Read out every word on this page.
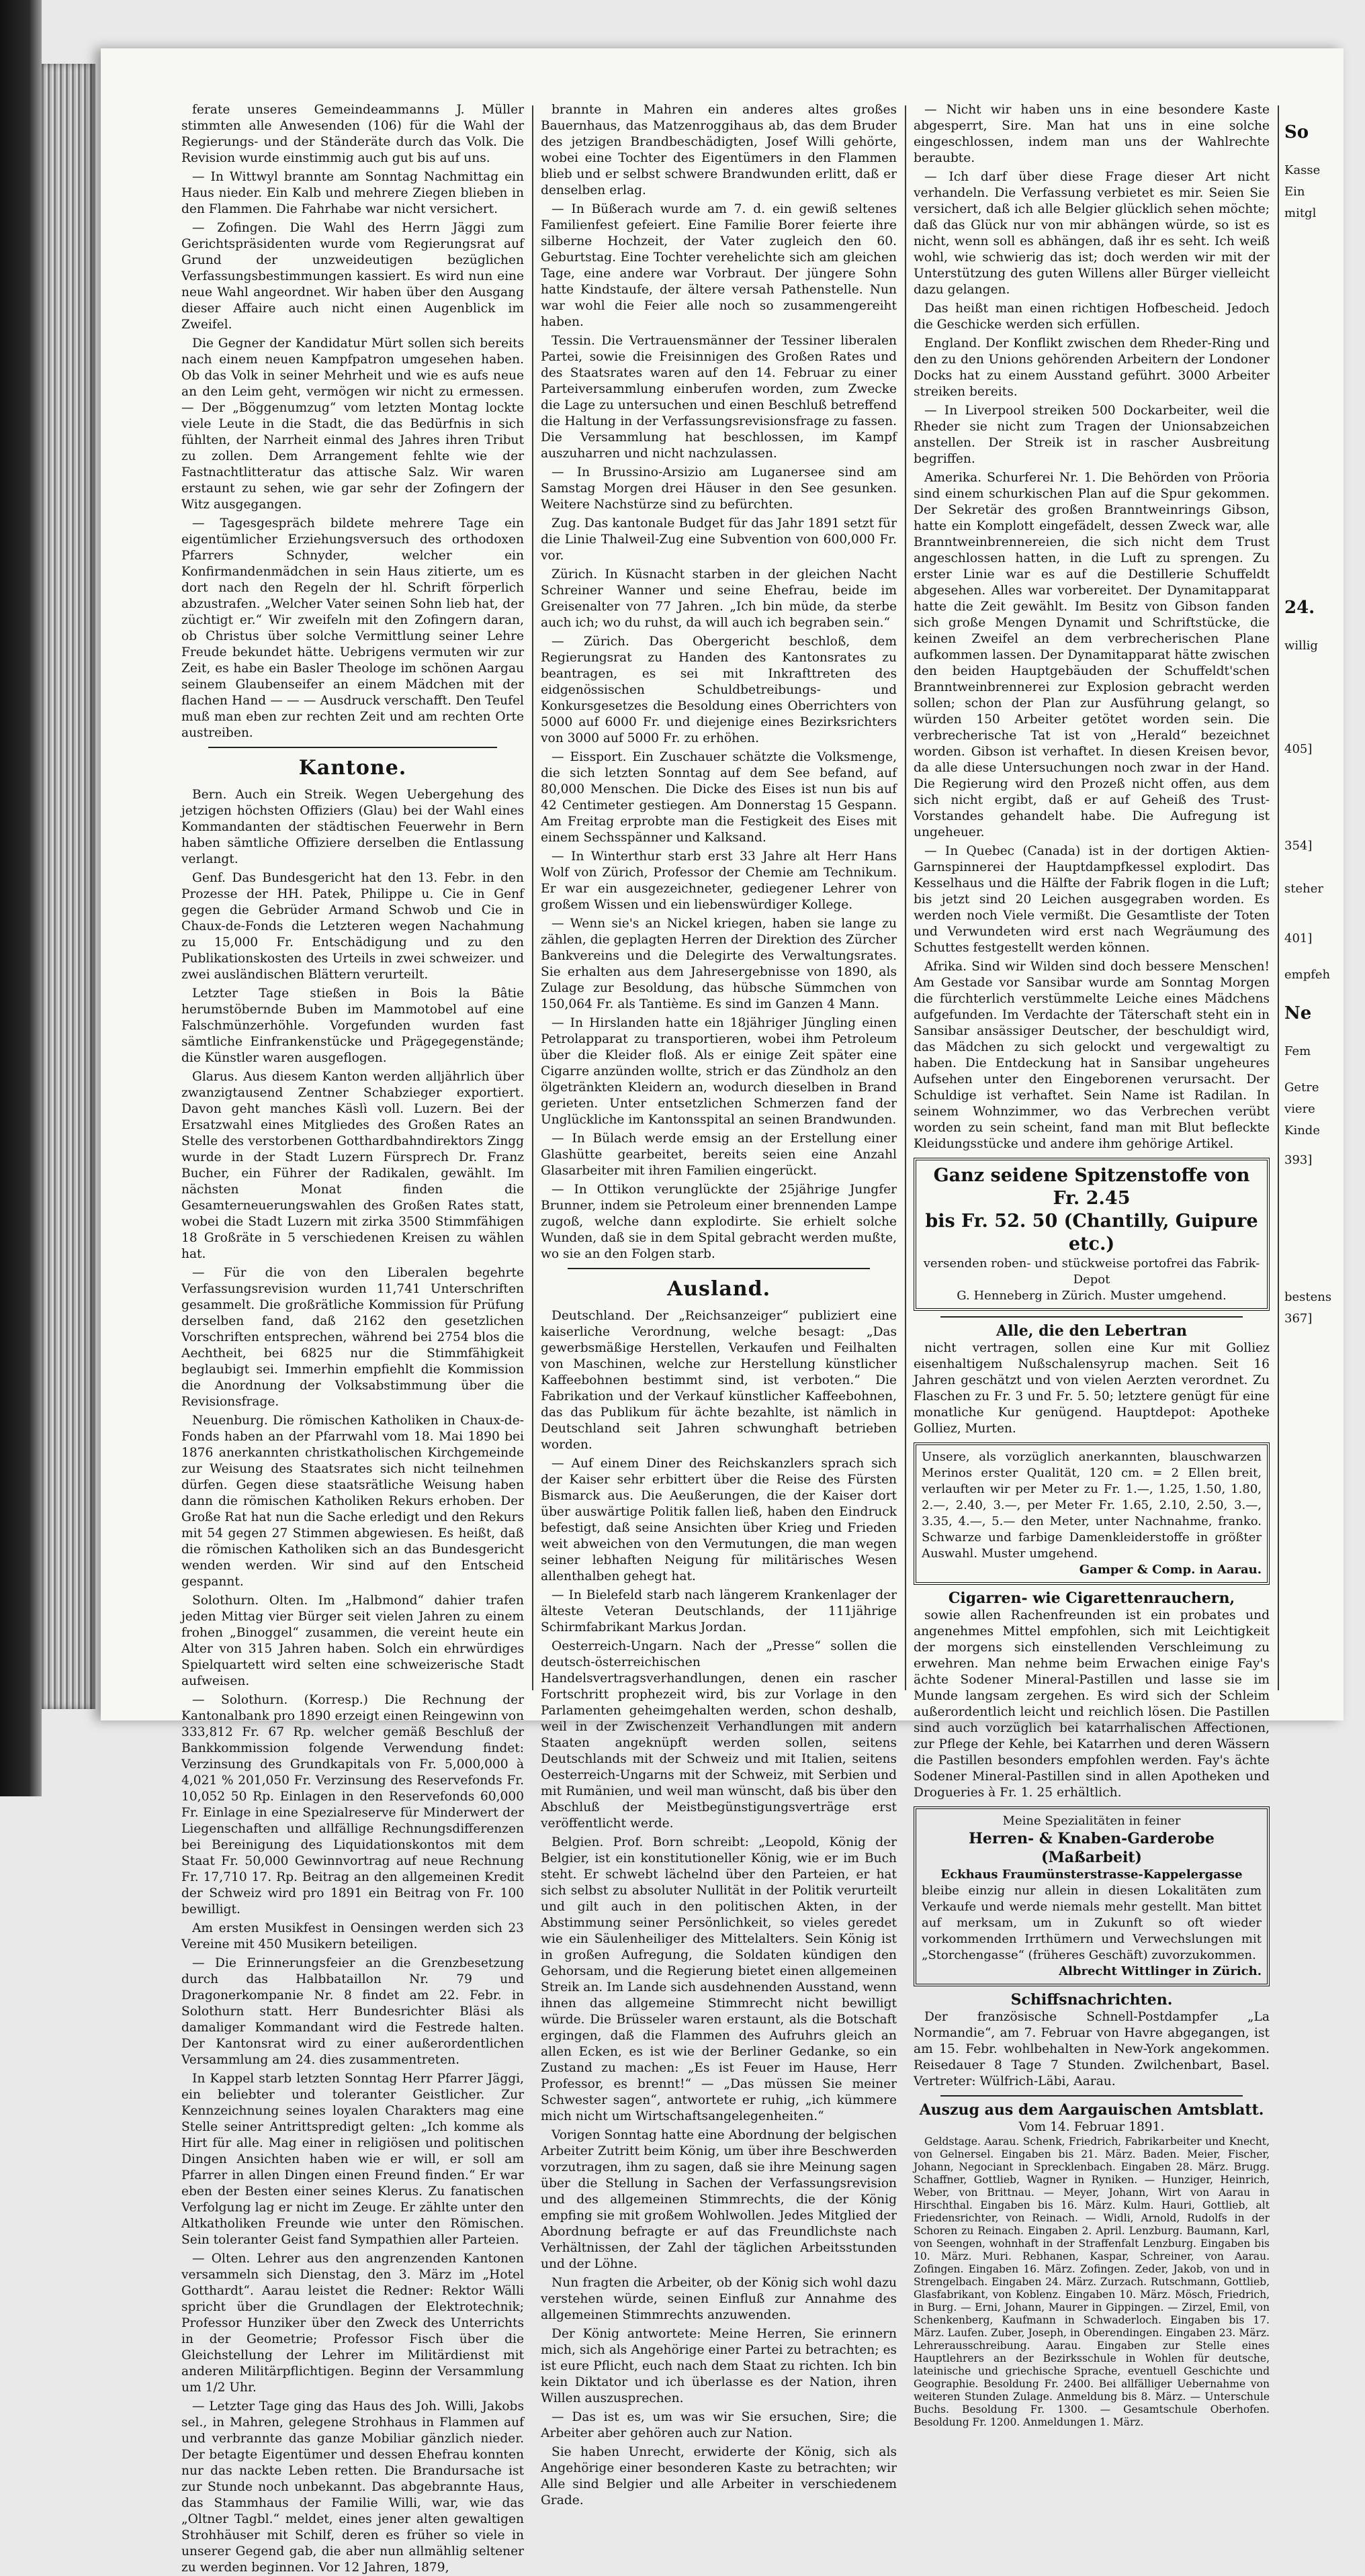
ferate unseres Gemeindeammanns J. Müller stimmten alle Anwesenden (106) für die Wahl der Regierungs- und der Ständeräte durch das Volk. Die Revision wurde einstimmig auch gut bis auf uns.

— In Wittwyl brannte am Sonntag Nachmittag ein Haus nieder. Ein Kalb und mehrere Ziegen blieben in den Flammen. Die Fahrhabe war nicht versichert.

— Zofingen. Die Wahl des Herrn Jäggi zum Gerichtspräsidenten wurde vom Regierungsrat auf Grund der unzweideutigen bezüglichen Verfassungsbestimmungen kassiert. Es wird nun eine neue Wahl angeordnet. Wir haben über den Ausgang dieser Affaire auch nicht einen Augenblick im Zweifel.

Die Gegner der Kandidatur Mürt sollen sich bereits nach einem neuen Kampfpatron umgesehen haben. Ob das Volk in seiner Mehrheit und wie es aufs neue an den Leim geht, vermögen wir nicht zu ermessen. — Der „Böggenumzug“ vom letzten Montag lockte viele Leute in die Stadt, die das Bedürfnis in sich fühlten, der Narrheit einmal des Jahres ihren Tribut zu zollen. Dem Arrangement fehlte wie der Fastnachtlitteratur das attische Salz. Wir waren erstaunt zu sehen, wie gar sehr der Zofingern der Witz ausgegangen.

— Tagesgespräch bildete mehrere Tage ein eigentümlicher Erziehungsversuch des orthodoxen Pfarrers Schnyder, welcher ein Konfirmandenmädchen in sein Haus zitierte, um es dort nach den Regeln der hl. Schrift förperlich abzustrafen. „Welcher Vater seinen Sohn lieb hat, der züchtigt er.“ Wir zweifeln mit den Zofingern daran, ob Christus über solche Vermittlung seiner Lehre Freude bekundet hätte. Uebrigens vermuten wir zur Zeit, es habe ein Basler Theologe im schönen Aargau seinem Glaubenseifer an einem Mädchen mit der flachen Hand — — — Ausdruck verschafft. Den Teufel muß man eben zur rechten Zeit und am rechten Orte austreiben.

Kantone.

Bern. Auch ein Streik. Wegen Uebergehung des jetzigen höchsten Offiziers (Glau) bei der Wahl eines Kommandanten der städtischen Feuerwehr in Bern haben sämtliche Offiziere derselben die Entlassung verlangt.

Genf. Das Bundesgericht hat den 13. Febr. in den Prozesse der HH. Patek, Philippe u. Cie in Genf gegen die Gebrüder Armand Schwob und Cie in Chaux-de-Fonds die Letzteren wegen Nachahmung zu 15,000 Fr. Entschädigung und zu den Publikationskosten des Urteils in zwei schweizer. und zwei ausländischen Blättern verurteilt.

Letzter Tage stießen in Bois la Bâtie herumstöbernde Buben im Mammotobel auf eine Falschmünzerhöhle. Vorgefunden wurden fast sämtliche Einfrankenstücke und Prägegegenstände; die Künstler waren ausgeflogen.

Glarus. Aus diesem Kanton werden alljährlich über zwanzigtausend Zentner Schabzieger exportiert. Davon geht manches Käslì voll. Luzern. Bei der Ersatzwahl eines Mitgliedes des Großen Rates an Stelle des verstorbenen Gotthardbahndirektors Zingg wurde in der Stadt Luzern Fürsprech Dr. Franz Bucher, ein Führer der Radikalen, gewählt. Im nächsten Monat finden die Gesamterneuerungswahlen des Großen Rates statt, wobei die Stadt Luzern mit zirka 3500 Stimmfähigen 18 Großräte in 5 verschiedenen Kreisen zu wählen hat.

— Für die von den Liberalen begehrte Verfassungsrevision wurden 11,741 Unterschriften gesammelt. Die großrätliche Kommission für Prüfung derselben fand, daß 2162 den gesetzlichen Vorschriften entsprechen, während bei 2754 blos die Aechtheit, bei 6825 nur die Stimmfähigkeit beglaubigt sei. Immerhin empfiehlt die Kommission die Anordnung der Volksabstimmung über die Revisionsfrage.

Neuenburg. Die römischen Katholiken in Chaux-de-Fonds haben an der Pfarrwahl vom 18. Mai 1890 bei 1876 anerkannten christkatholischen Kirchgemeinde zur Weisung des Staatsrates sich nicht teilnehmen dürfen. Gegen diese staatsrätliche Weisung haben dann die römischen Katholiken Rekurs erhoben. Der Große Rat hat nun die Sache erledigt und den Rekurs mit 54 gegen 27 Stimmen abgewiesen. Es heißt, daß die römischen Katholiken sich an das Bundesgericht wenden werden. Wir sind auf den Entscheid gespannt.

Solothurn. Olten. Im „Halbmond“ dahier trafen jeden Mittag vier Bürger seit vielen Jahren zu einem frohen „Binoggel“ zusammen, die vereint heute ein Alter von 315 Jahren haben. Solch ein ehrwürdiges Spielquartett wird selten eine schweizerische Stadt aufweisen.

— Solothurn. (Korresp.) Die Rechnung der Kantonalbank pro 1890 erzeigt einen Reingewinn von 333,812 Fr. 67 Rp. welcher gemäß Beschluß der Bankkommission folgende Verwendung findet: Verzinsung des Grundkapitals von Fr. 5,000,000 à 4,021 % 201,050 Fr. Verzinsung des Reservefonds Fr. 10,052 50 Rp. Einlagen in den Reservefonds 60,000 Fr. Einlage in eine Spezialreserve für Minderwert der Liegenschaften und allfällige Rechnungsdifferenzen bei Bereinigung des Liquidationskontos mit dem Staat Fr. 50,000 Gewinnvortrag auf neue Rechnung Fr. 17,710 17. Rp. Beitrag an den allgemeinen Kredit der Schweiz wird pro 1891 ein Beitrag von Fr. 100 bewilligt.

Am ersten Musikfest in Oensingen werden sich 23 Vereine mit 450 Musikern beteiligen.

— Die Erinnerungsfeier an die Grenzbesetzung durch das Halbbataillon Nr. 79 und Dragonerkompanie Nr. 8 findet am 22. Febr. in Solothurn statt. Herr Bundesrichter Bläsi als damaliger Kommandant wird die Festrede halten. Der Kantonsrat wird zu einer außerordentlichen Versammlung am 24. dies zusammentreten.

In Kappel starb letzten Sonntag Herr Pfarrer Jäggi, ein beliebter und toleranter Geistlicher. Zur Kennzeichnung seines loyalen Charakters mag eine Stelle seiner Antrittspredigt gelten: „Ich komme als Hirt für alle. Mag einer in religiösen und politischen Dingen Ansichten haben wie er will, er soll am Pfarrer in allen Dingen einen Freund finden.“ Er war eben der Besten einer seines Klerus. Zu fanatischen Verfolgung lag er nicht im Zeuge. Er zählte unter den Altkatholiken Freunde wie unter den Römischen. Sein toleranter Geist fand Sympathien aller Parteien.

— Olten. Lehrer aus den angrenzenden Kantonen versammeln sich Dienstag, den 3. März im „Hotel Gotthardt“. Aarau leistet die Redner: Rektor Wälli spricht über die Grundlagen der Elektrotechnik; Professor Hunziker über den Zweck des Unterrichts in der Geometrie; Professor Fisch über die Gleichstellung der Lehrer im Militärdienst mit anderen Militärpflichtigen. Beginn der Versammlung um 1/2 Uhr.

— Letzter Tage ging das Haus des Joh. Willi, Jakobs sel., in Mahren, gelegene Strohhaus in Flammen auf und verbrannte das ganze Mobiliar gänzlich nieder. Der betagte Eigentümer und dessen Ehefrau konnten nur das nackte Leben retten. Die Brandursache ist zur Stunde noch unbekannt. Das abgebrannte Haus, das Stammhaus der Familie Willi, war, wie das „Oltner Tagbl.“ meldet, eines jener alten gewaltigen Strohhäuser mit Schilf, deren es früher so viele in unserer Gegend gab, die aber nun allmählig seltener zu werden beginnen. Vor 12 Jahren, 1879,

brannte in Mahren ein anderes altes großes Bauernhaus, das Matzenroggihaus ab, das dem Bruder des jetzigen Brandbeschädigten, Josef Willi gehörte, wobei eine Tochter des Eigentümers in den Flammen blieb und er selbst schwere Brandwunden erlitt, daß er denselben erlag.

— In Büßerach wurde am 7. d. ein gewiß seltenes Familienfest gefeiert. Eine Familie Borer feierte ihre silberne Hochzeit, der Vater zugleich den 60. Geburtstag. Eine Tochter verehelichte sich am gleichen Tage, eine andere war Vorbraut. Der jüngere Sohn hatte Kindstaufe, der ältere versah Pathenstelle. Nun war wohl die Feier alle noch so zusammengereiht haben.

Tessin. Die Vertrauensmänner der Tessiner liberalen Partei, sowie die Freisinnigen des Großen Rates und des Staatsrates waren auf den 14. Februar zu einer Parteiversammlung einberufen worden, zum Zwecke die Lage zu untersuchen und einen Beschluß betreffend die Haltung in der Verfassungsrevisionsfrage zu fassen. Die Versammlung hat beschlossen, im Kampf auszuharren und nicht nachzulassen.

— In Brussino-Arsizio am Luganersee sind am Samstag Morgen drei Häuser in den See gesunken. Weitere Nachstürze sind zu befürchten.

Zug. Das kantonale Budget für das Jahr 1891 setzt für die Linie Thalweil-Zug eine Subvention von 600,000 Fr. vor.

Zürich. In Küsnacht starben in der gleichen Nacht Schreiner Wanner und seine Ehefrau, beide im Greisenalter von 77 Jahren. „Ich bin müde, da sterbe auch ich; wo du ruhst, da will auch ich begraben sein.“

— Zürich. Das Obergericht beschloß, dem Regierungsrat zu Handen des Kantonsrates zu beantragen, es sei mit Inkrafttreten des eidgenössischen Schuldbetreibungs- und Konkursgesetzes die Besoldung eines Oberrichters von 5000 auf 6000 Fr. und diejenige eines Bezirksrichters von 3000 auf 5000 Fr. zu erhöhen.

— Eissport. Ein Zuschauer schätzte die Volksmenge, die sich letzten Sonntag auf dem See befand, auf 80,000 Menschen. Die Dicke des Eises ist nun bis auf 42 Centimeter gestiegen. Am Donnerstag 15 Gespann. Am Freitag erprobte man die Festigkeit des Eises mit einem Sechsspänner und Kalksand.

— In Winterthur starb erst 33 Jahre alt Herr Hans Wolf von Zürich, Professor der Chemie am Technikum. Er war ein ausgezeichneter, gediegener Lehrer von großem Wissen und ein liebenswürdiger Kollege.

— Wenn sie's an Nickel kriegen, haben sie lange zu zählen, die geplagten Herren der Direktion des Zürcher Bankvereins und die Delegirte des Verwaltungsrates. Sie erhalten aus dem Jahresergebnisse von 1890, als Zulage zur Besoldung, das hübsche Sümmchen von 150,064 Fr. als Tantième. Es sind im Ganzen 4 Mann.

— In Hirslanden hatte ein 18jähriger Jüngling einen Petrolapparat zu transportieren, wobei ihm Petroleum über die Kleider floß. Als er einige Zeit später eine Cigarre anzünden wollte, strich er das Zündholz an den ölgetränkten Kleidern an, wodurch dieselben in Brand gerieten. Unter entsetzlichen Schmerzen fand der Unglückliche im Kantonsspital an seinen Brandwunden.

— In Bülach werde emsig an der Erstellung einer Glashütte gearbeitet, bereits seien eine Anzahl Glasarbeiter mit ihren Familien eingerückt.

— In Ottikon verunglückte der 25jährige Jungfer Brunner, indem sie Petroleum einer brennenden Lampe zugoß, welche dann explodirte. Sie erhielt solche Wunden, daß sie in dem Spital gebracht werden mußte, wo sie an den Folgen starb.

Ausland.

Deutschland. Der „Reichsanzeiger“ publiziert eine kaiserliche Verordnung, welche besagt: „Das gewerbsmäßige Herstellen, Verkaufen und Feilhalten von Maschinen, welche zur Herstellung künstlicher Kaffeebohnen bestimmt sind, ist verboten.“ Die Fabrikation und der Verkauf künstlicher Kaffeebohnen, das das Publikum für ächte bezahlte, ist nämlich in Deutschland seit Jahren schwunghaft betrieben worden.

— Auf einem Diner des Reichskanzlers sprach sich der Kaiser sehr erbittert über die Reise des Fürsten Bismarck aus. Die Aeußerungen, die der Kaiser dort über auswärtige Politik fallen ließ, haben den Eindruck befestigt, daß seine Ansichten über Krieg und Frieden weit abweichen von den Vermutungen, die man wegen seiner lebhaften Neigung für militärisches Wesen allenthalben gehegt hat.

— In Bielefeld starb nach längerem Krankenlager der älteste Veteran Deutschlands, der 111jährige Schirmfabrikant Markus Jordan.

Oesterreich-Ungarn. Nach der „Presse“ sollen die deutsch-österreichischen Handelsvertragsverhandlungen, denen ein rascher Fortschritt prophezeit wird, bis zur Vorlage in den Parlamenten geheimgehalten werden, schon deshalb, weil in der Zwischenzeit Verhandlungen mit andern Staaten angeknüpft werden sollen, seitens Deutschlands mit der Schweiz und mit Italien, seitens Oesterreich-Ungarns mit der Schweiz, mit Serbien und mit Rumänien, und weil man wünscht, daß bis über den Abschluß der Meistbegünstigungsverträge erst veröffentlicht werde.

Belgien. Prof. Born schreibt: „Leopold, König der Belgier, ist ein konstitutioneller König, wie er im Buch steht. Er schwebt lächelnd über den Parteien, er hat sich selbst zu absoluter Nullität in der Politik verurteilt und gilt auch in den politischen Akten, in der Abstimmung seiner Persönlichkeit, so vieles geredet wie ein Säulenheiliger des Mittelalters. Sein König ist in großen Aufregung, die Soldaten kündigen den Gehorsam, und die Regierung bietet einen allgemeinen Streik an. Im Lande sich ausdehnenden Ausstand, wenn ihnen das allgemeine Stimmrecht nicht bewilligt würde. Die Brüsseler waren erstaunt, als die Botschaft ergingen, daß die Flammen des Aufruhrs gleich an allen Ecken, es ist wie der Berliner Gedanke, so ein Zustand zu machen: „Es ist Feuer im Hause, Herr Professor, es brennt!“ — „Das müssen Sie meiner Schwester sagen“, antwortete er ruhig, „ich kümmere mich nicht um Wirtschaftsangelegenheiten.“

Vorigen Sonntag hatte eine Abordnung der belgischen Arbeiter Zutritt beim König, um über ihre Beschwerden vorzutragen, ihm zu sagen, daß sie ihre Meinung sagen über die Stellung in Sachen der Verfassungsrevision und des allgemeinen Stimmrechts, die der König empfing sie mit großem Wohlwollen. Jedes Mitglied der Abordnung befragte er auf das Freundlichste nach Verhältnissen, der Zahl der täglichen Arbeitsstunden und der Löhne.

Nun fragten die Arbeiter, ob der König sich wohl dazu verstehen würde, seinen Einfluß zur Annahme des allgemeinen Stimmrechts anzuwenden.

Der König antwortete: Meine Herren, Sie erinnern mich, sich als Angehörige einer Partei zu betrachten; es ist eure Pflicht, euch nach dem Staat zu richten. Ich bin kein Diktator und ich überlasse es der Nation, ihren Willen auszusprechen.

— Das ist es, um was wir Sie ersuchen, Sire; die Arbeiter aber gehören auch zur Nation.

Sie haben Unrecht, erwiderte der König, sich als Angehörige einer besonderen Kaste zu betrachten; wir Alle sind Belgier und alle Arbeiter in verschiedenem Grade.

— Nicht wir haben uns in eine besondere Kaste abgesperrt, Sire. Man hat uns in eine solche eingeschlossen, indem man uns der Wahlrechte beraubte.

— Ich darf über diese Frage dieser Art nicht verhandeln. Die Verfassung verbietet es mir. Seien Sie versichert, daß ich alle Belgier glücklich sehen möchte; daß das Glück nur von mir abhängen würde, so ist es nicht, wenn soll es abhängen, daß ihr es seht. Ich weiß wohl, wie schwierig das ist; doch werden wir mit der Unterstützung des guten Willens aller Bürger vielleicht dazu gelangen.

Das heißt man einen richtigen Hofbescheid. Jedoch die Geschicke werden sich erfüllen.

England. Der Konflikt zwischen dem Rheder-Ring und den zu den Unions gehörenden Arbeitern der Londoner Docks hat zu einem Ausstand geführt. 3000 Arbeiter streiken bereits.

— In Liverpool streiken 500 Dockarbeiter, weil die Rheder sie nicht zum Tragen der Unionsabzeichen anstellen. Der Streik ist in rascher Ausbreitung begriffen.

Amerika. Schurferei Nr. 1. Die Behörden von Pröoria sind einem schurkischen Plan auf die Spur gekommen. Der Sekretär des großen Branntweinrings Gibson, hatte ein Komplott eingefädelt, dessen Zweck war, alle Branntweinbrennereien, die sich nicht dem Trust angeschlossen hatten, in die Luft zu sprengen. Zu erster Linie war es auf die Destillerie Schuffeldt abgesehen. Alles war vorbereitet. Der Dynamitapparat hatte die Zeit gewählt. Im Besitz von Gibson fanden sich große Mengen Dynamit und Schriftstücke, die keinen Zweifel an dem verbrecherischen Plane aufkommen lassen. Der Dynamitapparat hätte zwischen den beiden Hauptgebäuden der Schuffeldt'schen Branntweinbrennerei zur Explosion gebracht werden sollen; schon der Plan zur Ausführung gelangt, so würden 150 Arbeiter getötet worden sein. Die verbrecherische Tat ist von „Herald“ bezeichnet worden. Gibson ist verhaftet. In diesen Kreisen bevor, da alle diese Untersuchungen noch zwar in der Hand. Die Regierung wird den Prozeß nicht offen, aus dem sich nicht ergibt, daß er auf Geheiß des Trust-Vorstandes gehandelt habe. Die Aufregung ist ungeheuer.

— In Quebec (Canada) ist in der dortigen Aktien-Garnspinnerei der Hauptdampfkessel explodirt. Das Kesselhaus und die Hälfte der Fabrik flogen in die Luft; bis jetzt sind 20 Leichen ausgegraben worden. Es werden noch Viele vermißt. Die Gesamtliste der Toten und Verwundeten wird erst nach Wegräumung des Schuttes festgestellt werden können.

Afrika. Sind wir Wilden sind doch bessere Menschen! Am Gestade vor Sansibar wurde am Sonntag Morgen die fürchterlich verstümmelte Leiche eines Mädchens aufgefunden. Im Verdachte der Täterschaft steht ein in Sansibar ansässiger Deutscher, der beschuldigt wird, das Mädchen zu sich gelockt und vergewaltigt zu haben. Die Entdeckung hat in Sansibar ungeheures Aufsehen unter den Eingeborenen verursacht. Der Schuldige ist verhaftet. Sein Name ist Radilan. In seinem Wohnzimmer, wo das Verbrechen verübt worden zu sein scheint, fand man mit Blut befleckte Kleidungsstücke und andere ihm gehörige Artikel.

Ganz seidene Spitzenstoffe von Fr. 2.45
bis Fr. 52. 50 (Chantilly, Guipure etc.)
versenden roben- und stückweise portofrei das Fabrik-Depot
G. Henneberg in Zürich. Muster umgehend.
Alle, die den Lebertran

nicht vertragen, sollen eine Kur mit Golliez eisenhaltigem Nußschalensyrup machen. Seit 16 Jahren geschätzt und von vielen Aerzten verordnet. Zu Flaschen zu Fr. 3 und Fr. 5. 50; letztere genügt für eine monatliche Kur genügend. Hauptdepot: Apotheke Golliez, Murten.

Unsere, als vorzüglich anerkannten, blauschwarzen Merinos erster Qualität, 120 cm. = 2 Ellen breit, verlauften wir per Meter zu Fr. 1.—, 1.25, 1.50, 1.80, 2.—, 2.40, 3.—, per Meter Fr. 1.65, 2.10, 2.50, 3.—, 3.35, 4.—, 5.— den Meter, unter Nachnahme, franko. Schwarze und farbige Damenkleiderstoffe in größter Auswahl. Muster umgehend.
Gamper & Comp. in Aarau.
Cigarren- wie Cigarettenrauchern,

sowie allen Rachenfreunden ist ein probates und angenehmes Mittel empfohlen, sich mit Leichtigkeit der morgens sich einstellenden Verschleimung zu erwehren. Man nehme beim Erwachen einige Fay's ächte Sodener Mineral-Pastillen und lasse sie im Munde langsam zergehen. Es wird sich der Schleim außerordentlich leicht und reichlich lösen. Die Pastillen sind auch vorzüglich bei katarrhalischen Affectionen, zur Pflege der Kehle, bei Katarrhen und deren Wässern die Pastillen besonders empfohlen werden. Fay's ächte Sodener Mineral-Pastillen sind in allen Apotheken und Drogueries à Fr. 1. 25 erhältlich.

Meine Spezialitäten in feiner
Herren- & Knaben-Garderobe (Maßarbeit)
Eckhaus Fraumünsterstrasse-Kappelergasse
bleibe einzig nur allein in diesen Lokalitäten zum Verkaufe und werde niemals mehr gestellt. Man bittet auf merksam, um in Zukunft so oft wieder vorkommenden Irrthümern und Verwechslungen mit „Storchengasse“ (früheres Geschäft) zuvorzukommen.
Albrecht Wittlinger in Zürich.
Schiffsnachrichten.

Der französische Schnell-Postdampfer „La Normandie“, am 7. Februar von Havre abgegangen, ist am 15. Febr. wohlbehalten in New-York angekommen. Reisedauer 8 Tage 7 Stunden. Zwilchenbart, Basel. Vertreter: Wülfrich-Läbi, Aarau.

Auszug aus dem Aargauischen Amtsblatt.
Vom 14. Februar 1891.

Geldstage. Aarau. Schenk, Friedrich, Fabrikarbeiter und Knecht, von Gelnersel. Eingaben bis 21. März. Baden. Meier, Fischer, Johann, Negociant in Sprecklenbach. Eingaben 28. März. Brugg. Schaffner, Gottlieb, Wagner in Ryniken. — Hunziger, Heinrich, Weber, von Brittnau. — Meyer, Johann, Wirt von Aarau in Hirschthal. Eingaben bis 16. März. Kulm. Hauri, Gottlieb, alt Friedensrichter, von Reinach. — Widli, Arnold, Rudolfs in der Schoren zu Reinach. Eingaben 2. April. Lenzburg. Baumann, Karl, von Seengen, wohnhaft in der Straffenfalt Lenzburg. Eingaben bis 10. März. Muri. Rebhanen, Kaspar, Schreiner, von Aarau. Zofingen. Eingaben 16. März. Zofingen. Zeder, Jakob, von und in Strengelbach. Eingaben 24. März. Zurzach. Rutschmann, Gottlieb, Glasfabrikant, von Koblenz. Eingaben 10. März. Mösch, Friedrich, in Burg. — Erni, Johann, Maurer in Gippingen. — Zirzel, Emil, von Schenkenberg, Kaufmann in Schwaderloch. Eingaben bis 17. März. Laufen. Zuber, Joseph, in Oberendingen. Eingaben 23. März. Lehrerausschreibung. Aarau. Eingaben zur Stelle eines Hauptlehrers an der Bezirksschule in Wohlen für deutsche, lateinische und griechische Sprache, eventuell Geschichte und Geographie. Besoldung Fr. 2400. Bei allfälliger Uebernahme von weiteren Stunden Zulage. Anmeldung bis 8. März. — Unterschule Buchs. Besoldung Fr. 1300. — Gesamtschule Oberhofen. Besoldung Fr. 1200. Anmeldungen 1. März.

So
Kasse
Ein
mitgl
24.
willig
405]
354]
steher
401]
empfeh
Ne
Fem
Getre
viere
Kinde
393]
bestens
367]
